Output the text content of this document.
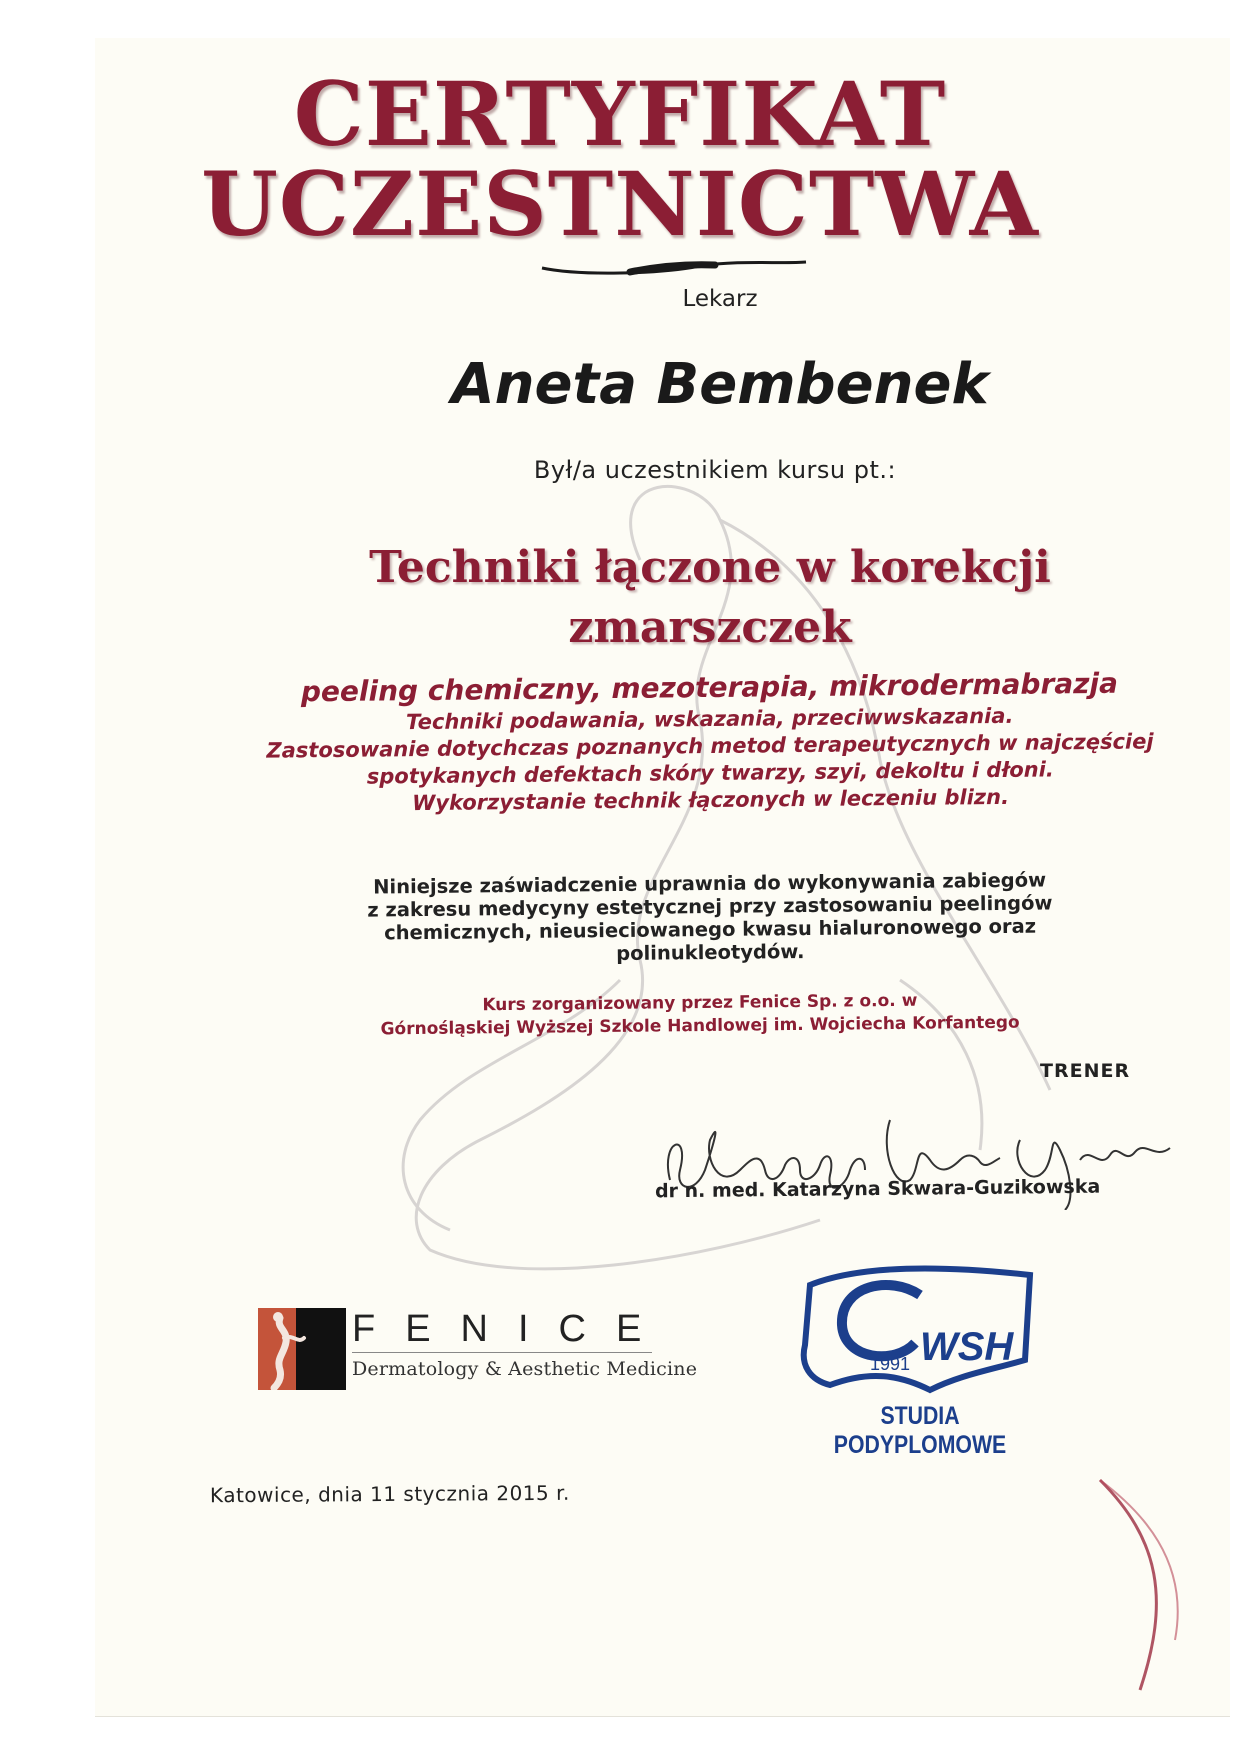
CERTYFIKAT
UCZESTNICTWA
Lekarz
Aneta Bembenek
Był/a uczestnikiem kursu pt.:
Techniki łączone w korekcji
zmarszczek
peeling chemiczny, mezoterapia, mikrodermabrazja
Techniki podawania, wskazania, przeciwwskazania.
Zastosowanie dotychczas poznanych metod terapeutycznych w najczęściej
spotykanych defektach skóry twarzy, szyi, dekoltu i dłoni.
Wykorzystanie technik łączonych w leczeniu blizn.
Niniejsze zaświadczenie uprawnia do wykonywania zabiegów
z zakresu medycyny estetycznej przy zastosowaniu peelingów
chemicznych, nieusieciowanego kwasu hialuronowego oraz
polinukleotydów.
Kurs zorganizowany przez Fenice Sp. z o.o. w
Górnośląskiej Wyższej Szkole Handlowej im. Wojciecha Korfantego
TRENER
dr n. med. Katarzyna Skwara-Guzikowska
FENICE
Dermatology & Aesthetic Medicine	1991 WSH
STUDIA PODYPLOMOWE
Katowice, dnia 11 stycznia 2015 r.
